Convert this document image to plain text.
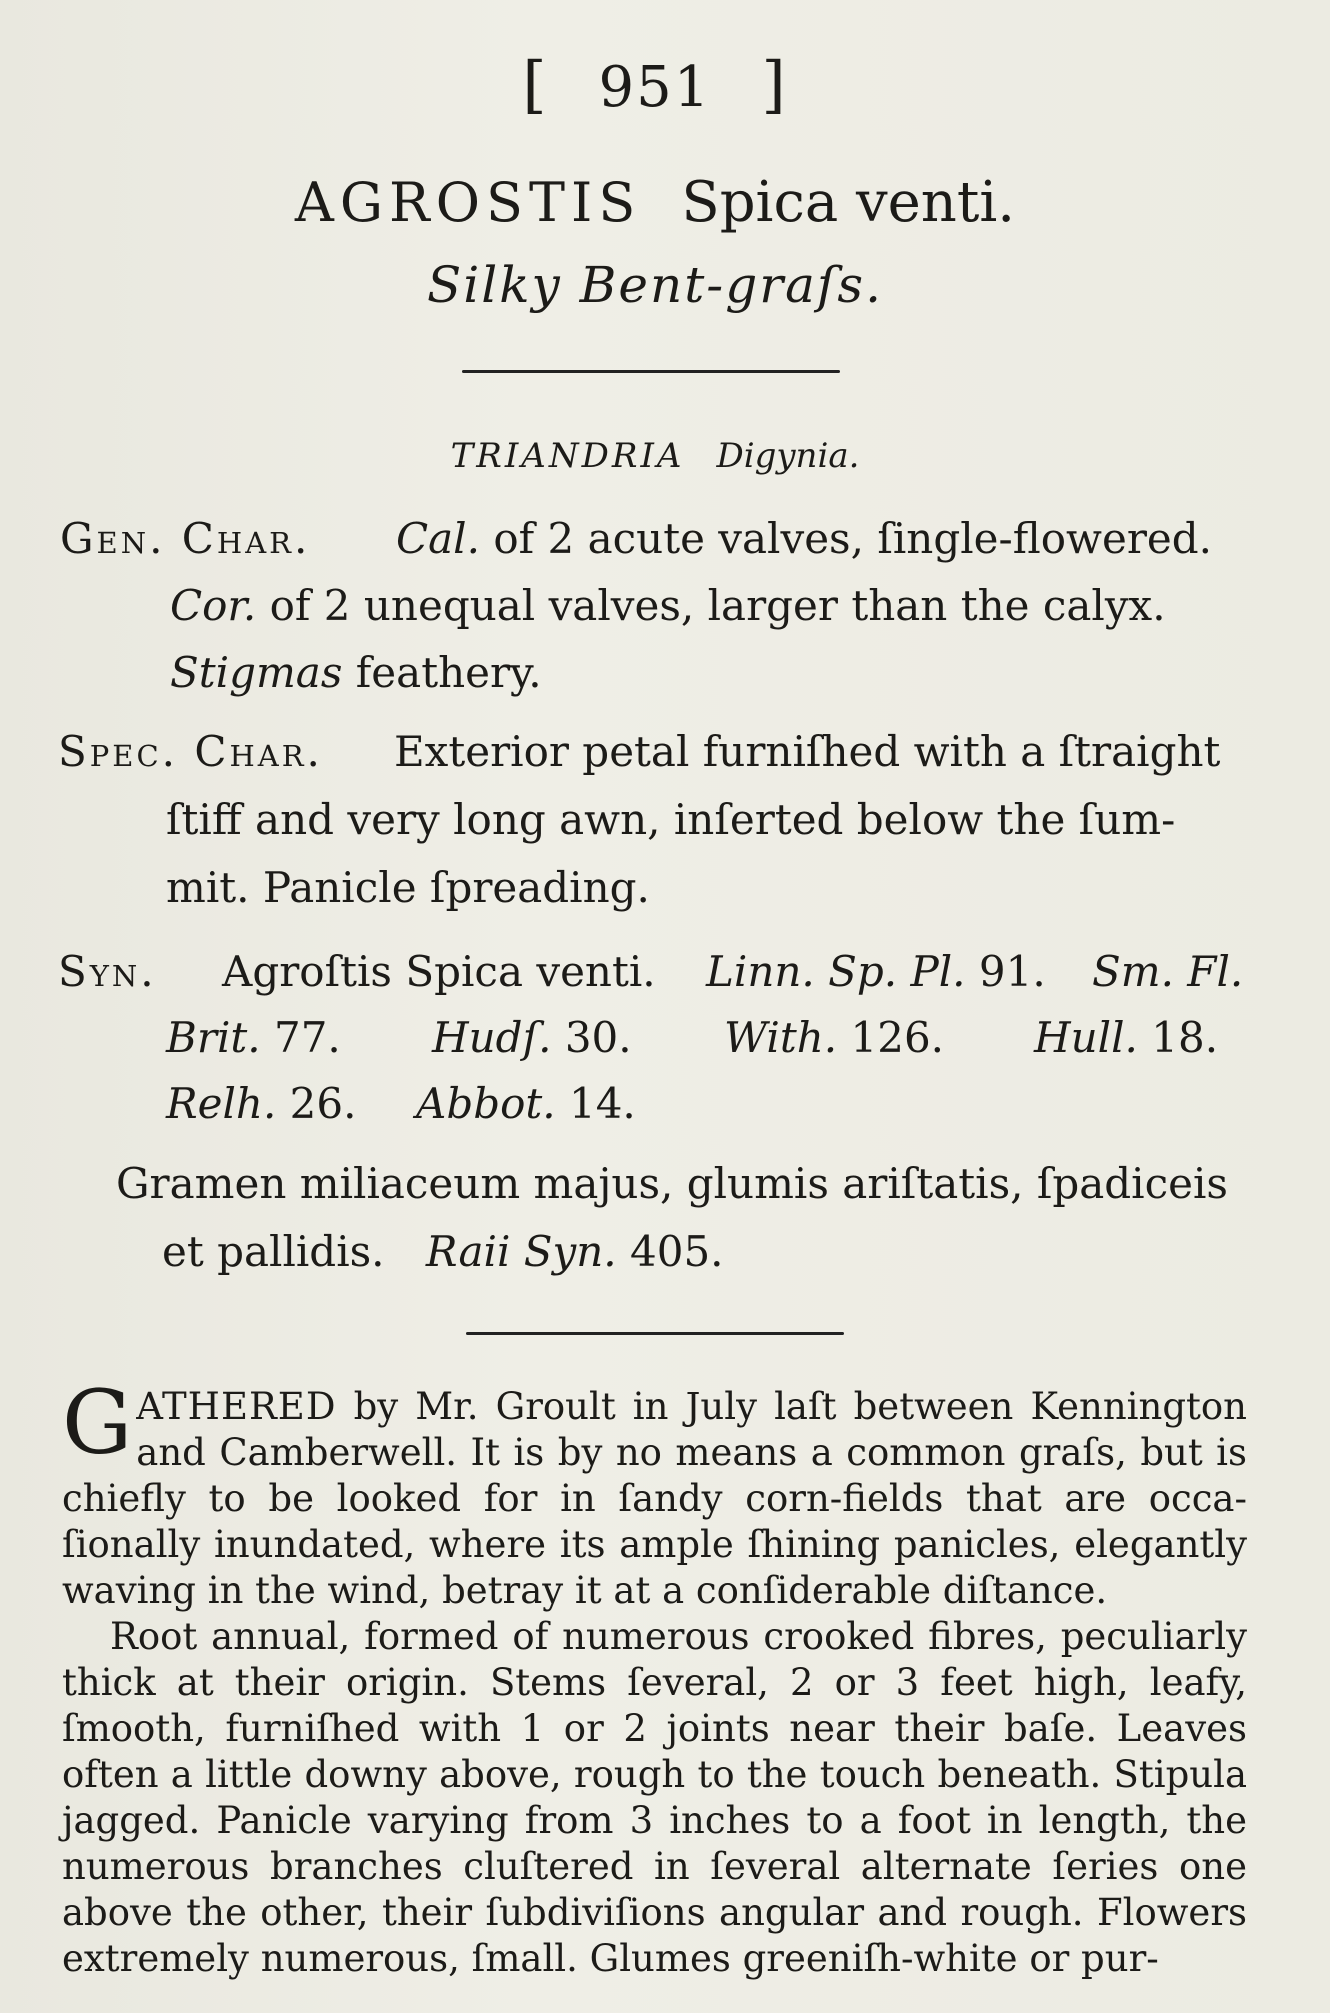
[ 951 ]
AGROSTIS Spica venti.
Silky Bent-graſs.
TRIANDRIA Digynia.
Gen. Char. Cal. of 2 acute valves, ſingle-flowered.
Cor. of 2 unequal valves, larger than the calyx.
Stigmas feathery.
Spec. Char. Exterior petal furniſhed with a ſtraight
ſtiff and very long awn, inſerted below the ſum-
mit. Panicle ſpreading.
Syn. Agroſtis Spica venti. Linn. Sp. Pl. 91. Sm. Fl.
Brit. 77. Hudſ. 30. With. 126. Hull. 18.
Relh. 26. Abbot. 14.
Gramen miliaceum majus, glumis ariſtatis, ſpadiceis
et pallidis. Raii Syn. 405.

GATHERED by Mr. Groult in July laſt between Kennington and Camberwell. It is by no means a common graſs, but is chiefly to be looked for in ſandy corn-fields that are occaſionally inundated, where its ample ſhining panicles, elegantly waving in the wind, betray it at a conſiderable diſtance.

Root annual, formed of numerous crooked fibres, peculiarly thick at their origin. Stems ſeveral, 2 or 3 feet high, leafy, ſmooth, furniſhed with 1 or 2 joints near their baſe. Leaves often a little downy above, rough to the touch beneath. Stipula jagged. Panicle varying from 3 inches to a foot in length, the numerous branches cluſtered in ſeveral alternate ſeries one above the other, their ſubdiviſions angular and rough. Flowers extremely numerous, ſmall. Glumes greeniſh-white or pur-
